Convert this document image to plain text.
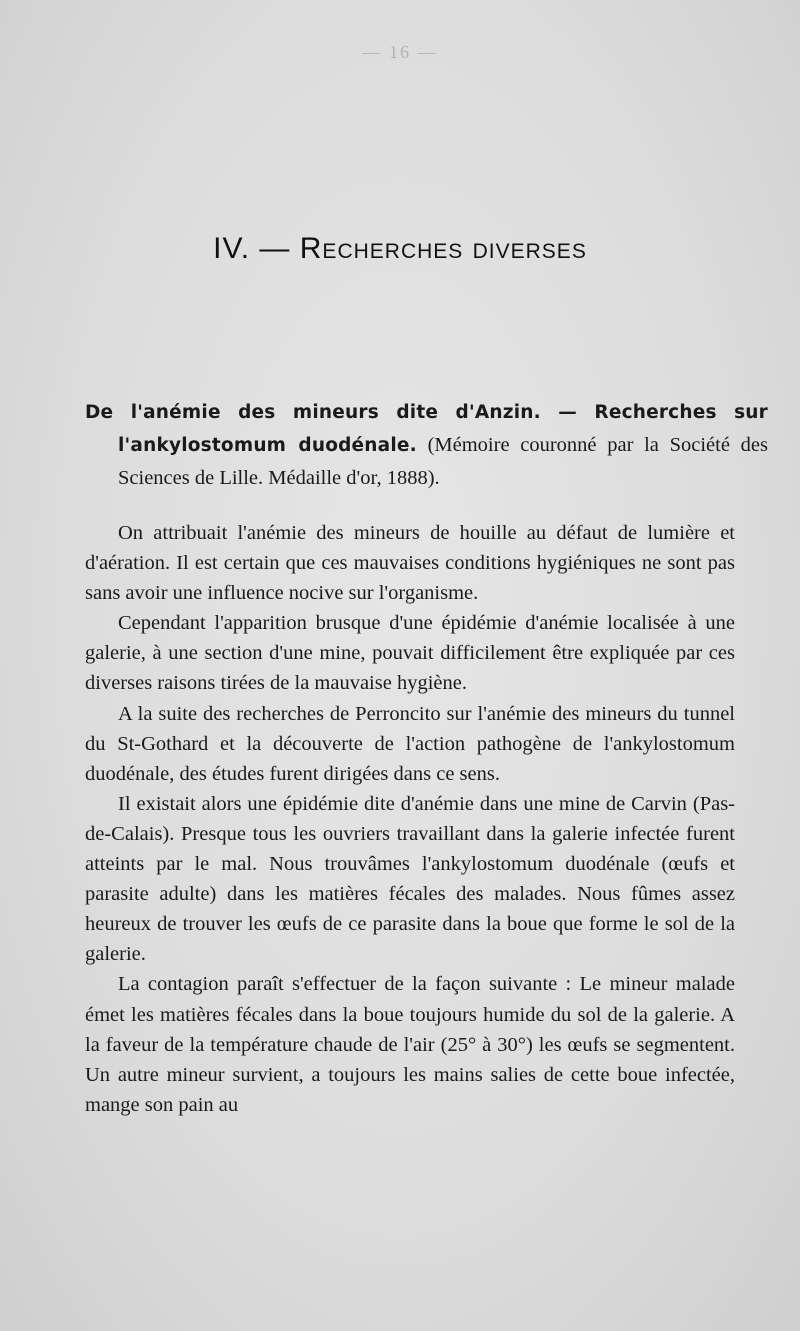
— 16 —
IV. — Recherches diverses
De l'anémie des mineurs dite d'Anzin. — Recherches sur l'ankylostomum duodénale. (Mémoire couronné par la Société des Sciences de Lille. Médaille d'or, 1888).

On attribuait l'anémie des mineurs de houille au défaut de lumière et d'aération. Il est certain que ces mauvaises conditions hygiéniques ne sont pas sans avoir une influence nocive sur l'organisme.

Cependant l'apparition brusque d'une épidémie d'anémie localisée à une galerie, à une section d'une mine, pouvait difficilement être expliquée par ces diverses raisons tirées de la mauvaise hygiène.

A la suite des recherches de Perroncito sur l'anémie des mineurs du tunnel du St-Gothard et la découverte de l'action pathogène de l'ankylostomum duodénale, des études furent dirigées dans ce sens.

Il existait alors une épidémie dite d'anémie dans une mine de Carvin (Pas-de-Calais). Presque tous les ouvriers travaillant dans la galerie infectée furent atteints par le mal. Nous trouvâmes l'ankylostomum duodénale (œufs et parasite adulte) dans les matières fécales des malades. Nous fûmes assez heureux de trouver les œufs de ce parasite dans la boue que forme le sol de la galerie.

La contagion paraît s'effectuer de la façon suivante : Le mineur malade émet les matières fécales dans la boue toujours humide du sol de la galerie. A la faveur de la température chaude de l'air (25° à 30°) les œufs se segmentent. Un autre mineur survient, a toujours les mains salies de cette boue infectée, mange son pain au
